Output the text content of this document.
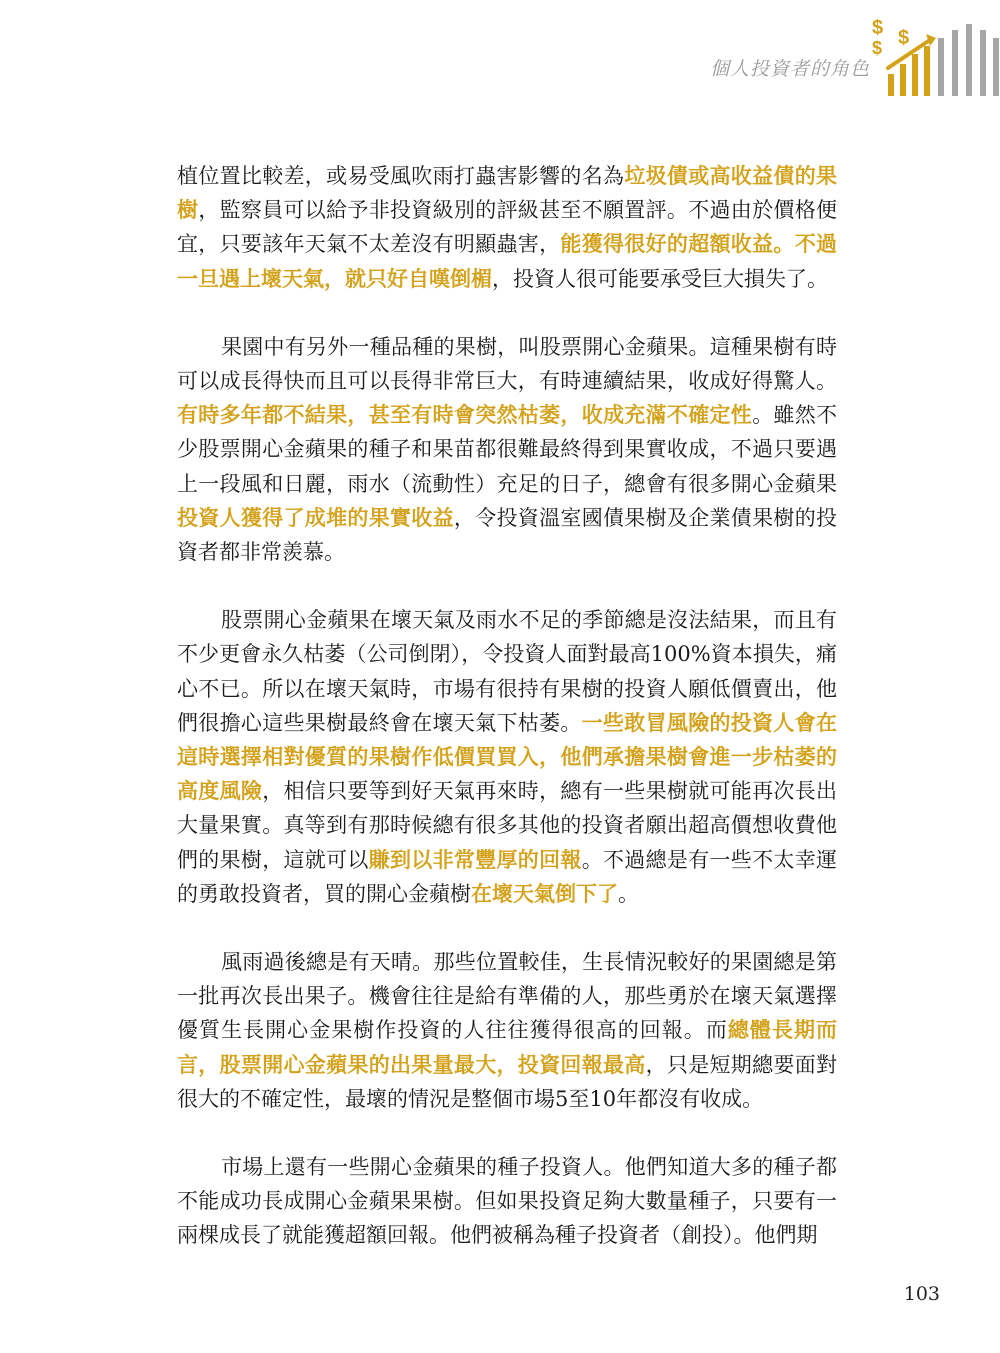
個人投資者的角色
$ $
$

植位置比較差，或易受風吹雨打蟲害影響的名為垃圾債或高收益債的果樹，監察員可以給予非投資級別的評級甚至不願置評。不過由於價格便宜，只要該年天氣不太差沒有明顯蟲害，能獲得很好的超額收益。不過一旦遇上壞天氣，就只好自嘆倒楣，投資人很可能要承受巨大損失了。

果園中有另外一種品種的果樹，叫股票開心金蘋果。這種果樹有時可以成長得快而且可以長得非常巨大，有時連續結果，收成好得驚人。有時多年都不結果，甚至有時會突然枯萎，收成充滿不確定性。雖然不少股票開心金蘋果的種子和果苗都很難最終得到果實收成，不過只要遇上一段風和日麗，雨水（流動性）充足的日子，總會有很多開心金蘋果投資人獲得了成堆的果實收益，令投資溫室國債果樹及企業債果樹的投資者都非常羨慕。

股票開心金蘋果在壞天氣及雨水不足的季節總是沒法結果，而且有不少更會永久枯萎（公司倒閉），令投資人面對最高100%資本損失，痛心不已。所以在壞天氣時，市場有很持有果樹的投資人願低價賣出，他們很擔心這些果樹最終會在壞天氣下枯萎。一些敢冒風險的投資人會在這時選擇相對優質的果樹作低價買買入，他們承擔果樹會進一步枯萎的高度風險，相信只要等到好天氣再來時，總有一些果樹就可能再次長出大量果實。真等到有那時候總有很多其他的投資者願出超高價想收費他們的果樹，這就可以賺到以非常豐厚的回報。不過總是有一些不太幸運的勇敢投資者，買的開心金蘋樹在壞天氣倒下了。

風雨過後總是有天晴。那些位置較佳，生長情況較好的果園總是第一批再次長出果子。機會往往是給有準備的人，那些勇於在壞天氣選擇優質生長開心金果樹作投資的人往往獲得很高的回報。而總體長期而言，股票開心金蘋果的出果量最大，投資回報最高，只是短期總要面對很大的不確定性，最壞的情況是整個市場5至10年都沒有收成。

市場上還有一些開心金蘋果的種子投資人。他們知道大多的種子都不能成功長成開心金蘋果果樹。但如果投資足夠大數量種子，只要有一兩棵成長了就能獲超額回報。他們被稱為種子投資者（創投）。他們期

103
